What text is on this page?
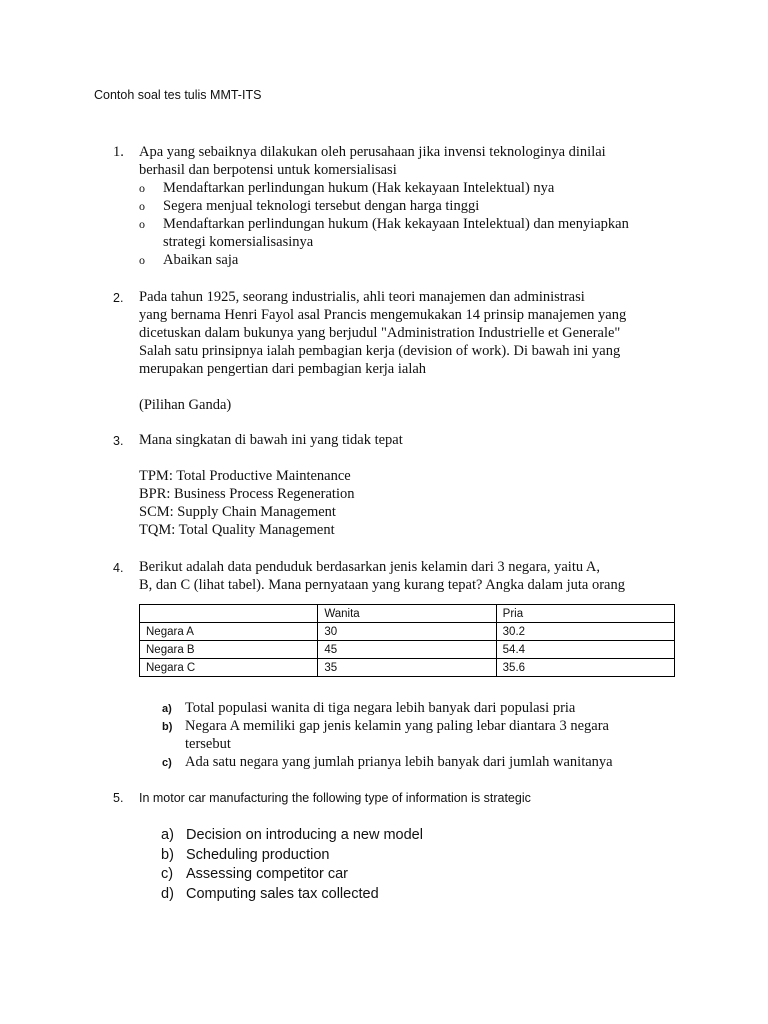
Contoh soal tes tulis MMT-ITS
1.	Apa yang sebaiknya dilakukan oleh perusahaan jika invensi teknologinya dinilai
berhasil dan berpotensi untuk komersialisasi
o Mendaftarkan perlindungan hukum (Hak kekayaan Intelektual) nya
o Segera menjual teknologi tersebut dengan harga tinggi
o Mendaftarkan perlindungan hukum (Hak kekayaan Intelektual) dan menyiapkan
strategi komersialisasinya
o Abaikan saja
2.	Pada tahun 1925, seorang industrialis, ahli teori manajemen dan administrasi
yang bernama Henri Fayol asal Prancis mengemukakan 14 prinsip manajemen yang
dicetuskan dalam bukunya yang berjudul "Administration Industrielle et Generale"
Salah satu prinsipnya ialah pembagian kerja (devision of work). Di bawah ini yang
merupakan pengertian dari pembagian kerja ialah
(Pilihan Ganda)
3.	Mana singkatan di bawah ini yang tidak tepat
TPM: Total Productive Maintenance
BPR: Business Process Regeneration
SCM: Supply Chain Management
TQM: Total Quality Management
4.	Berikut adalah data penduduk berdasarkan jenis kelamin dari 3 negara, yaitu A,
B, dan C (lihat tabel). Mana pernyataan yang kurang tepat? Angka dalam juta orang
	Wanita	Pria
Negara A	30	30.2
Negara B	45	54.4
Negara C	35	35.6
a) Total populasi wanita di tiga negara lebih banyak dari populasi pria
b) Negara A memiliki gap jenis kelamin yang paling lebar diantara 3 negara
tersebut
c) Ada satu negara yang jumlah prianya lebih banyak dari jumlah wanitanya
5. In motor car manufacturing the following type of information is strategic
a) Decision on introducing a new model
b) Scheduling production
c) Assessing competitor car
d) Computing sales tax collected
